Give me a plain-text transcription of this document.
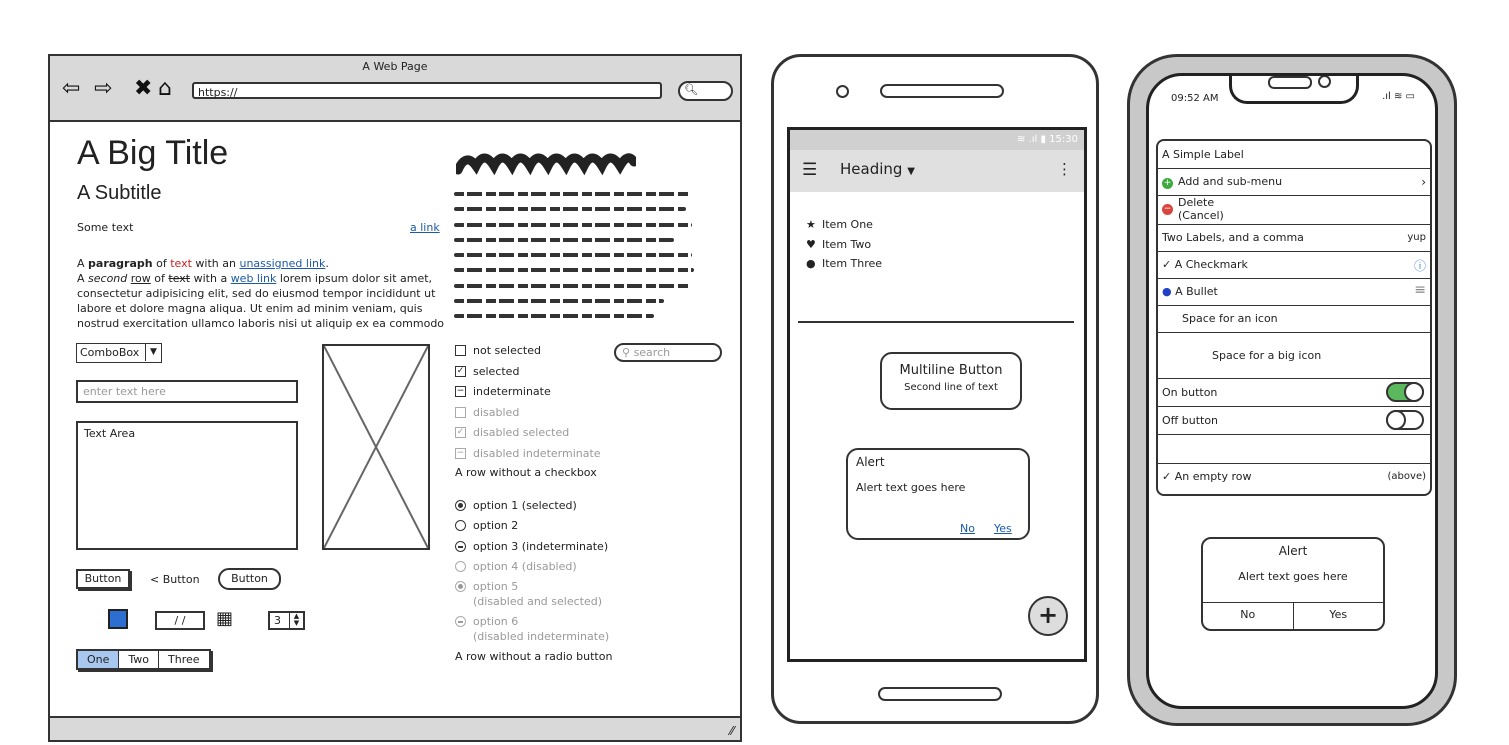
A Web Page
⇦ ⇨ ✖ ⌂	https://	🔍︎
A Big Title
A Subtitle
Some text	a link
A paragraph of text with an unassigned link.
A second row of text with a web link lorem ipsum dolor sit amet, consectetur adipisicing elit, sed do eiusmod tempor incididunt ut labore et dolore magna aliqua. Ut enim ad minim veniam, quis nostrud exercitation ullamco laboris nisi ut aliquip ex ea commodo
ComboBox	▼
enter text here
Text Area
Button	< Button	Button
/ /	▦	3	▲
▼
One	Two	Three
⚲ search
not selected
✓ selected
− indeterminate
disabled
✓ disabled selected
− disabled indeterminate
A row without a checkbox
option 1 (selected)
option 2
option 3 (indeterminate)
option 4 (disabled)
option 5
(disabled and selected)
option 6
(disabled indeterminate)
A row without a radio button
⁄⁄
≋ .ıl ▮ 15:30
☰ Heading ▼	⋮
★ Item One
♥ Item Two
● Item Three
Multiline Button
Second line of text
Alert
Alert text goes here
No Yes
+
09:52 AM	.ıl ≋ ▭
A Simple Label
+ Add and sub-menu	›
− Delete
(Cancel)
Two Labels, and a comma	yup
✓ A Checkmark	ⓘ
● A Bullet	≡
Space for an icon
Space for a big icon
On button
Off button
✓ An empty row	(above)
Alert
Alert text goes here
No	Yes
